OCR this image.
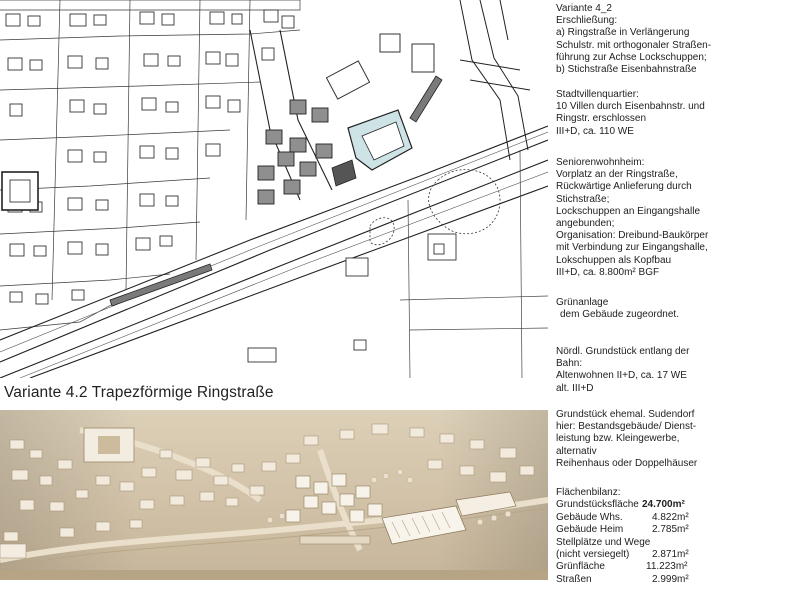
Variante 4.2 Trapezförmige Ringstraße
Variante 4_2
Erschließung:
a) Ringstraße in Verlängerung
Schulstr. mit orthogonaler Straßen-
führung zur Achse Lockschuppen;
b) Stichstraße Eisenbahnstraße
Stadtvillenquartier:
10 Villen durch Eisenbahnstr. und
Ringstr. erschlossen
III+D, ca. 110 WE
Seniorenwohnheim:
Vorplatz an der Ringstraße,
Rückwärtige Anlieferung durch
Stichstraße;
Lockschuppen an Eingangshalle
angebunden;
Organisation: Dreibund-Baukörper
mit Verbindung zur Eingangshalle,
Lokschuppen als Kopfbau
III+D, ca. 8.800m² BGF
Grünanlage
dem Gebäude zugeordnet.
Nördl. Grundstück entlang der
Bahn:
Altenwohnen II+D, ca. 17 WE
alt. III+D
Grundstück ehemal. Sudendorf
hier: Bestandsgebäude/ Dienst-
leistung bzw. Kleingewerbe,
alternativ
Reihenhaus oder Doppelhäuser
Flächenbilanz:
Grundstücksfläche 24.700m²
Gebäude Whs.	4.822m²
Gebäude Heim	2.785m²
Stellplätze und Wege
(nicht versiegelt) 2.871m²
Grünfläche	11.223m²
Straßen	2.999m²
